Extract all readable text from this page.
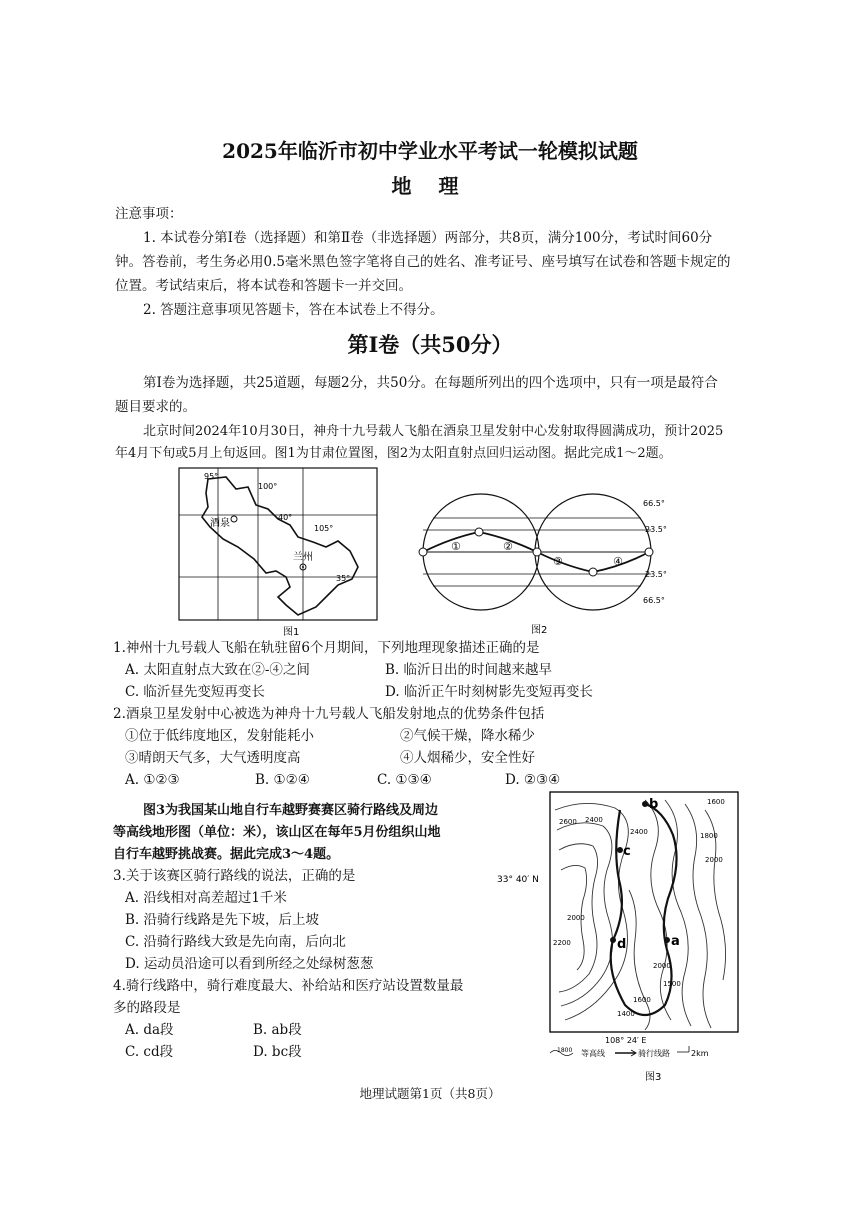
2025年临沂市初中学业水平考试一轮模拟试题
地 理
注意事项：
1. 本试卷分第Ⅰ卷（选择题）和第Ⅱ卷（非选择题）两部分，共8页，满分100分，考试时间60分
钟。答卷前，考生务必用0.5毫米黑色签字笔将自己的姓名、准考证号、座号填写在试卷和答题卡规定的
位置。考试结束后，将本试卷和答题卡一并交回。
2. 答题注意事项见答题卡，答在本试卷上不得分。
第Ⅰ卷（共50分）
第Ⅰ卷为选择题，共25道题，每题2分，共50分。在每题所列出的四个选项中，只有一项是最符合
题目要求的。
北京时间2024年10月30日，神舟十九号载人飞船在酒泉卫星发射中心发射取得圆满成功，预计2025
年4月下旬或5月上旬返回。图1为甘肃位置图，图2为太阳直射点回归运动图。据此完成1～2题。
95°
100°
40°
105°
35°
酒泉
兰州
图1
①	②
③	④
66.5°
23.5°
23.5°
66.5°
图2
1.神州十九号载人飞船在轨驻留6个月期间，下列地理现象描述正确的是
A. 太阳直射点大致在②-④之间	B. 临沂日出的时间越来越早
C. 临沂昼先变短再变长	D. 临沂正午时刻树影先变短再变长
2.酒泉卫星发射中心被选为神舟十九号载人飞船发射地点的优势条件包括
①位于低纬度地区，发射能耗小	②气候干燥，降水稀少
③晴朗天气多，大气透明度高	④人烟稀少，安全性好
A. ①②③	B. ①②④	C. ①③④	D. ②③④
图3为我国某山地自行车越野赛赛区骑行路线及周边
等高线地形图（单位：米），该山区在每年5月份组织山地
自行车越野挑战赛。据此完成3～4题。
3.关于该赛区骑行路线的说法，正确的是
A. 沿线相对高差超过1千米
B. 沿骑行线路是先下坡，后上坡
C. 沿骑行路线大致是先向南，后向北
D. 运动员沿途可以看到所经之处绿树葱葱
4.骑行线路中，骑行难度最大、补给站和医疗站设置数量最
多的路段是
A. da段	B. ab段
C. cd段	D. bc段
b
c
d	a
1600
2600 2400
2400	1800
2000
2000
2200
2000
1600
1500
1400
33° 40′ N
108° 24′ E
1800 等高线	骑行线路	2km
图3
地理试题第1页（共8页）
